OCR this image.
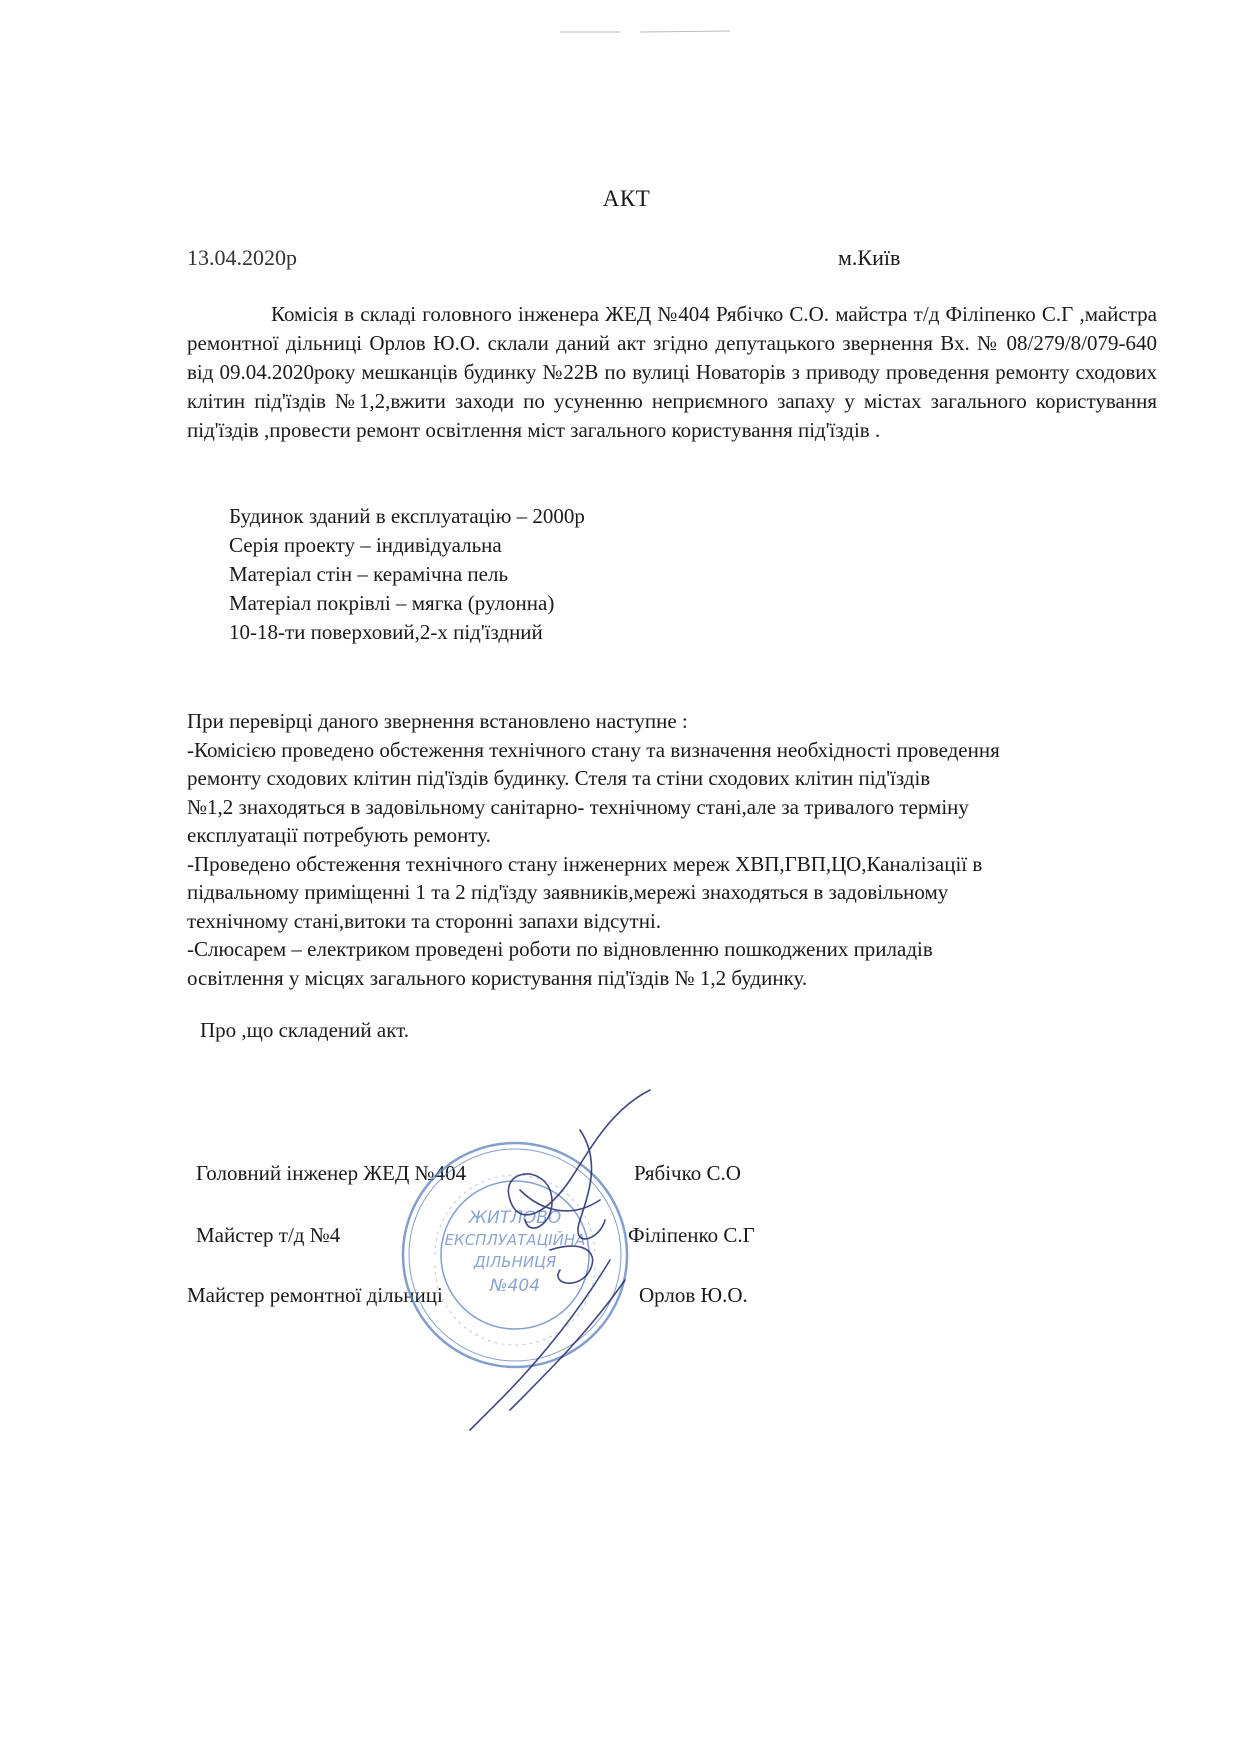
АКТ
13.04.2020р	м.Київ
Комісія в складі головного інженера ЖЕД №404 Рябічко С.О. майстра т/д Філіпенко С.Г ,майстра ремонтної дільниці Орлов Ю.О. склали даний акт згідно депутацького звернення Вх. № 08/279/8/079-640 від 09.04.2020року мешканців будинку №22В по вулиці Новаторів з приводу проведення ремонту сходових клітин під'їздів №1,2,вжити заходи по усуненню неприємного запаху у містах загального користування під'їздів ,провести ремонт освітлення міст загального користування під'їздів .
Будинок зданий в експлуатацію – 2000р
Серія проекту – індивідуальна
Матеріал стін – керамічна пель
Матеріал покрівлі – мягка (рулонна)
10-18-ти поверховий,2-х під'їздний
При перевірці даного звернення встановлено наступне :
-Комісією проведено обстеження технічного стану та визначення необхідності проведення
ремонту сходових клітин під'їздів будинку. Стеля та стіни сходових клітин під'їздів
№1,2 знаходяться в задовільному санітарно- технічному стані,але за тривалого терміну
експлуатації потребують ремонту.
-Проведено обстеження технічного стану інженерних мереж ХВП,ГВП,ЦО,Каналізації в
підвальному приміщенні 1 та 2 під'їзду заявників,мережі знаходяться в задовільному
технічному стані,витоки та сторонні запахи відсутні.
-Слюсарем – електриком проведені роботи по відновленню пошкоджених приладів
освітлення у місцях загального користування під'їздів № 1,2 будинку.
Про ,що складений акт.
Головний інженер ЖЕД №404	Рябічко С.О
Майстер т/д №4	Філіпенко С.Г
Майстер ремонтної дільниці	Орлов Ю.О.
ЖИТЛОВО
ЕКСПЛУАТАЦІЙНА
ДІЛЬНИЦЯ
№404
